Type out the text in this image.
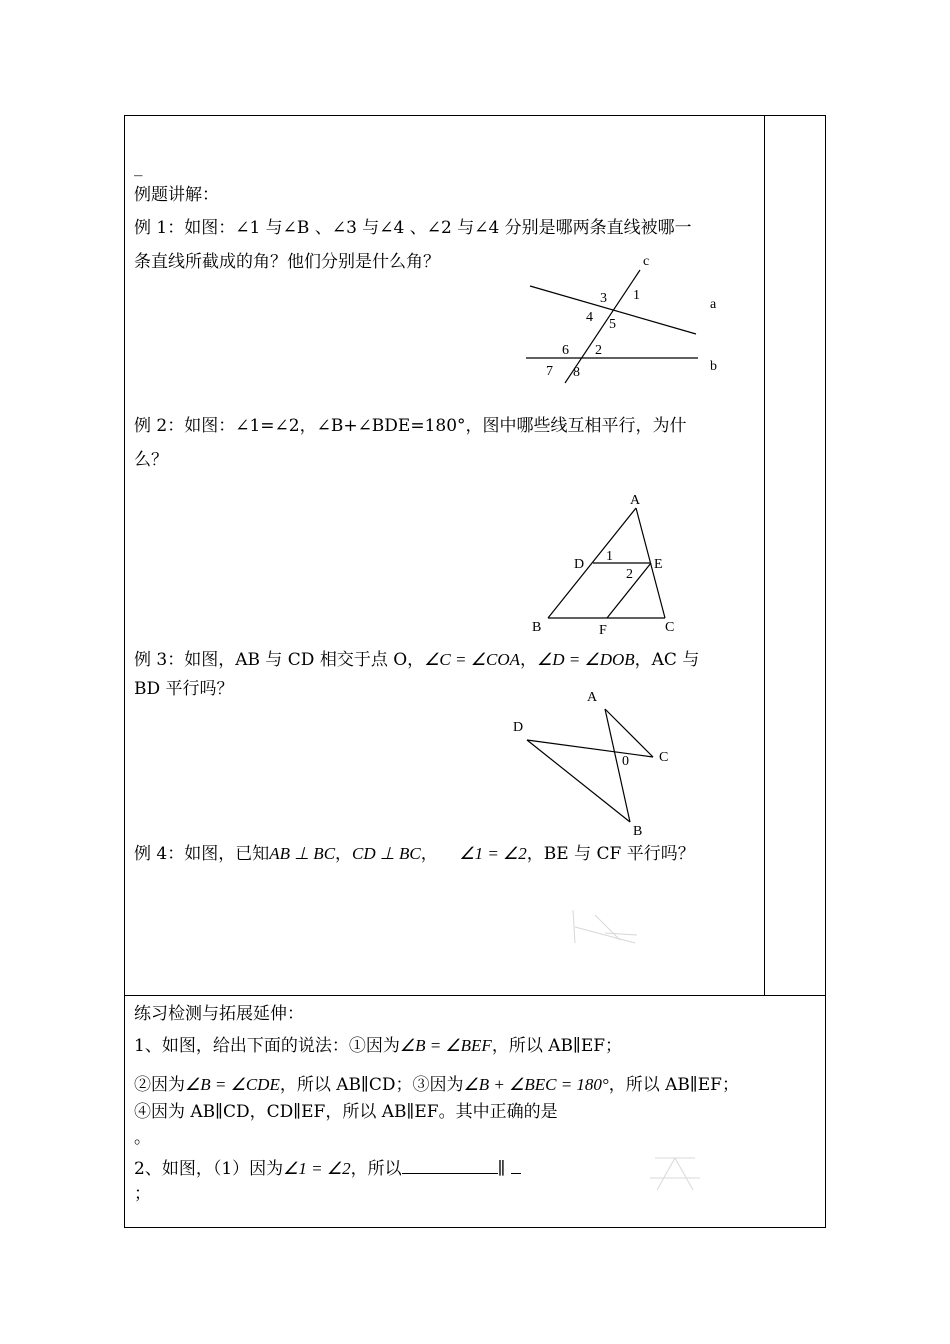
_
例题讲解：
例 1：如图：∠1 与∠B 、∠3 与∠4 、∠2 与∠4 分别是哪两条直线被哪一
条直线所截成的角？他们分别是什么角？	c
a
b
3 1
4 5
6 2
7 8
例 2：如图：∠1=∠2，∠B+∠BDE=180°，图中哪些线互相平行，为什
么？
A
D	E
1
2
B	F	C
例 3：如图，AB 与 CD 相交于点 O，∠C = ∠COA，∠D = ∠DOB，AC 与
BD 平行吗？	A
D
C
0
B
例 4：如图，已知AB ⊥ BC，CD ⊥ BC， ∠1 = ∠2，BE 与 CF 平行吗？
练习检测与拓展延伸：
1、如图，给出下面的说法：①因为∠B = ∠BEF，所以 AB∥EF；
②因为∠B = ∠CDE，所以 AB∥CD；③因为∠B + ∠BEC = 180°，所以 AB∥EF；
④因为 AB∥CD，CD∥EF，所以 AB∥EF。其中正确的是
。
2、如图，（1）因为∠1 = ∠2，所以	∥
；
